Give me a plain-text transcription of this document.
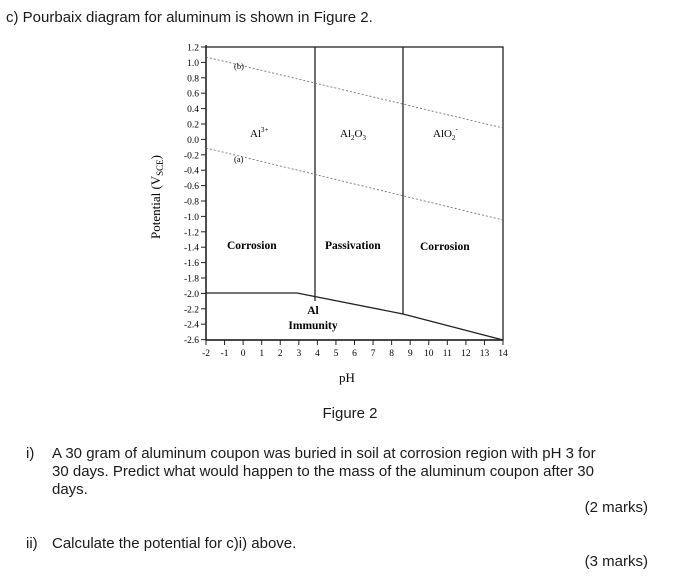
c) Pourbaix diagram for aluminum is shown in Figure 2.
Potential $(V_{SCE})$
1.2
1.0
0.8
0.6
0.4
0.2
0.0
-0.2
-0.4
-0.6
-0.8
-1.0
-1.2
-1.4
-1.6
-1.8
-2.0
-2.2
-2.4
-2.6
-2 -1 0 1 2 3 4 5 6 7 8 9 10 11 12 13 14
pH
(b)
(a)
$Al^{3+}$	$Al_2O_3$	AlO$_2$-
Corrosion	Passivation	Corrosion
Al
Immunity
Figure 2
i) A 30 gram of aluminum coupon was buried in soil at corrosion region with pH 3 for
30 days. Predict what would happen to the mass of the aluminum coupon after 30
days.
(2 marks)
ii) Calculate the potential for c)i) above.
(3 marks)
